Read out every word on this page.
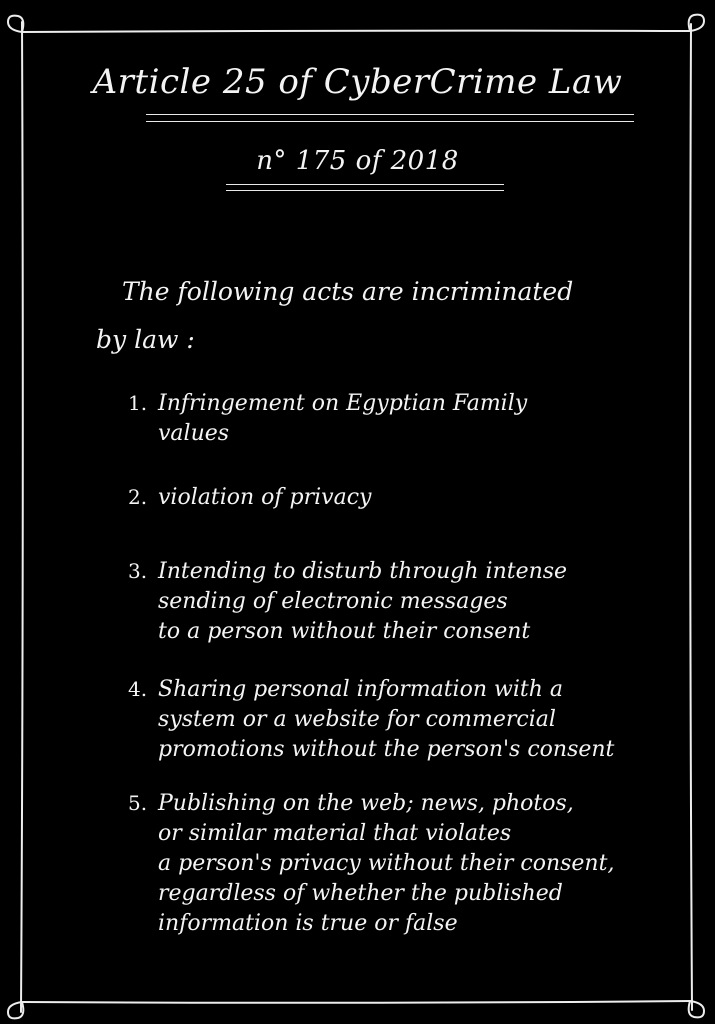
Article 25 of CyberCrime Law
n° 175 of 2018
The following acts are incriminated
by law :
1. Infringement on Egyptian Family
values
2. violation of privacy
3. Intending to disturb through intense
sending of electronic messages
to a person without their consent
4. Sharing personal information with a
system or a website for commercial
promotions without the person's consent
5. Publishing on the web; news, photos,
or similar material that violates
a person's privacy without their consent,
regardless of whether the published
information is true or false
